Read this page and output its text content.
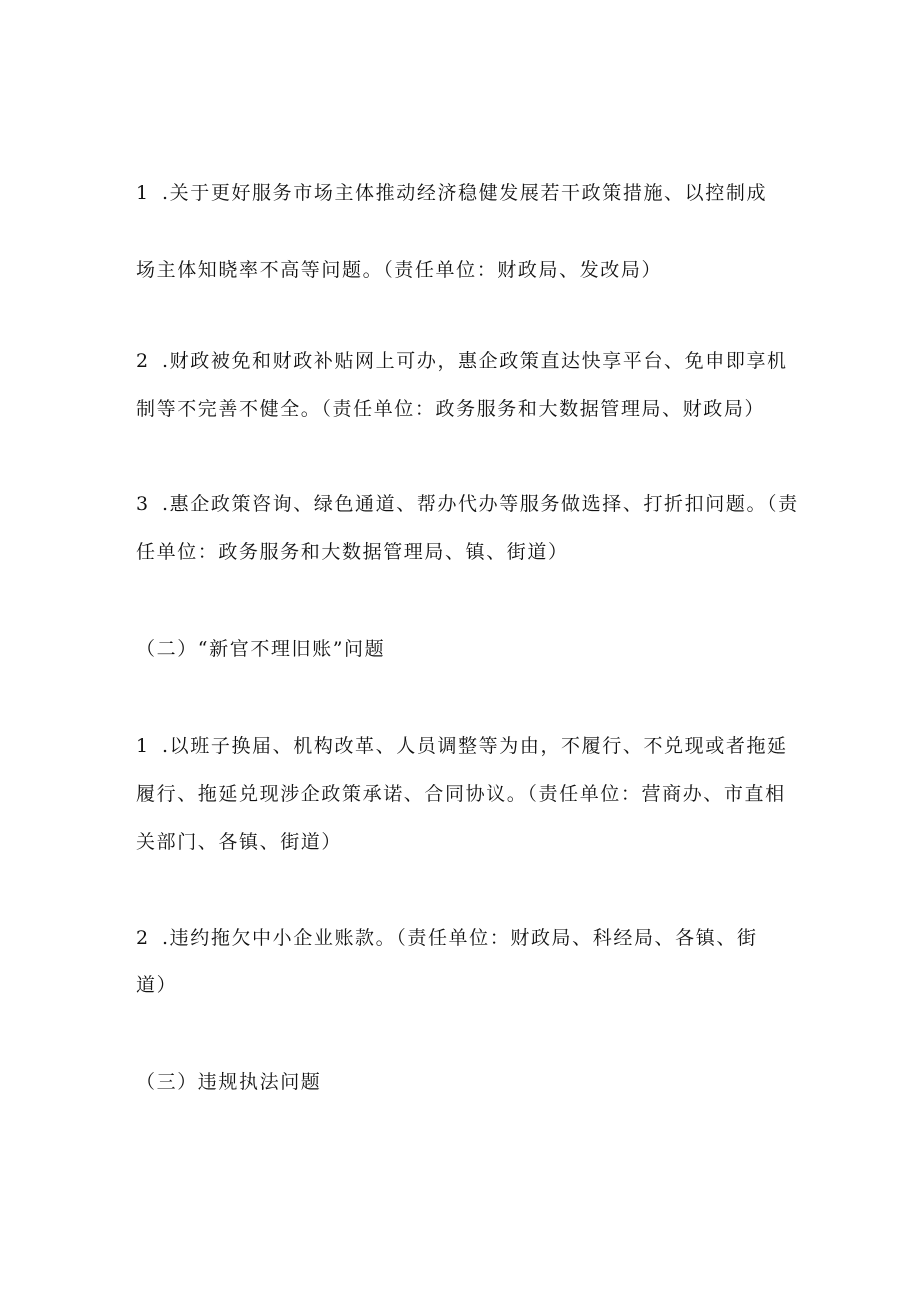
1 .关于更好服务市场主体推动经济稳健发展若干政策措施、以控制成

场主体知晓率不高等问题。（责任单位：财政局、发改局）

2 .财政被免和财政补贴网上可办，惠企政策直达快享平台、免申即享机

制等不完善不健全。（责任单位：政务服务和大数据管理局、财政局）

3 .惠企政策咨询、绿色通道、帮办代办等服务做选择、打折扣问题。（责

任单位：政务服务和大数据管理局、镇、街道）

（二）“新官不理旧账”问题

1 .以班子换届、机构改革、人员调整等为由，不履行、不兑现或者拖延

履行、拖延兑现涉企政策承诺、合同协议。（责任单位：营商办、市直相

关部门、各镇、街道）

2 .违约拖欠中小企业账款。（责任单位：财政局、科经局、各镇、街

道）

（三）违规执法问题
